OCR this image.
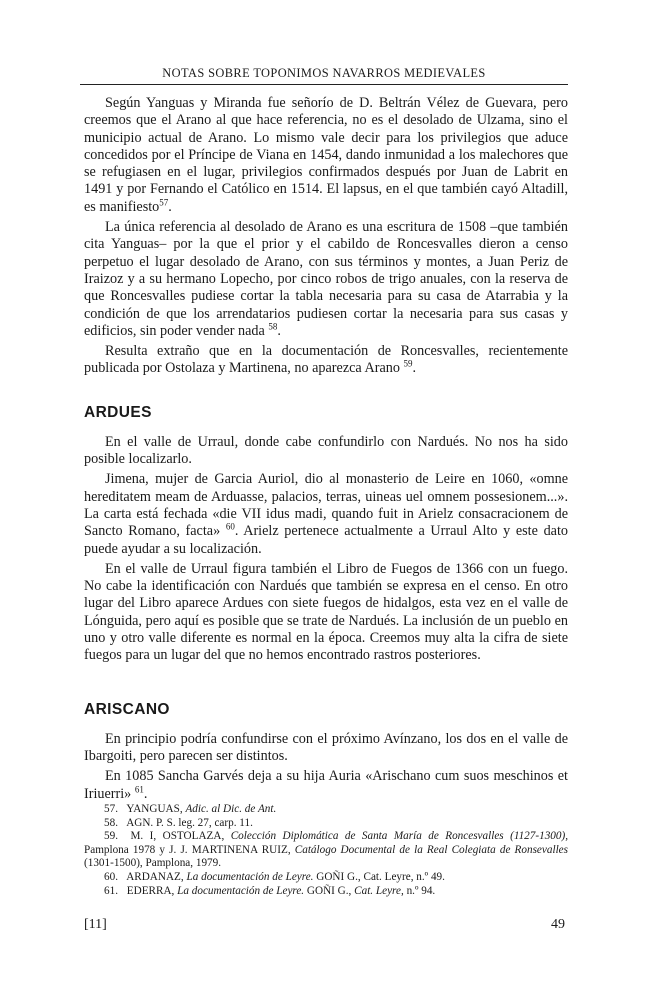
NOTAS SOBRE TOPONIMOS NAVARROS MEDIEVALES

Según Yanguas y Miranda fue señorío de D. Beltrán Vélez de Guevara, pero creemos que el Arano al que hace referencia, no es el desolado de Ulzama, sino el municipio actual de Arano. Lo mismo vale decir para los privilegios que aduce concedidos por el Príncipe de Viana en 1454, dando inmunidad a los malechores que se refugiasen en el lugar, privilegios confirmados después por Juan de Labrit en 1491 y por Fernando el Católico en 1514. El lapsus, en el que también cayó Altadill, es manifiesto$^{57}$.

La única referencia al desolado de Arano es una escritura de 1508 –que también cita Yanguas– por la que el prior y el cabildo de Roncesvalles dieron a censo perpetuo el lugar desolado de Arano, con sus términos y montes, a Juan Periz de Iraizoz y a su hermano Lopecho, por cinco robos de trigo anuales, con la reserva de que Roncesvalles pudiese cortar la tabla necesaria para su casa de Atarrabia y la condición de que los arrendatarios pudiesen cortar la necesaria para sus casas y edificios, sin poder vender nada $^{58}$.

Resulta extraño que en la documentación de Roncesvalles, recientemente publicada por Ostolaza y Martinena, no aparezca Arano $^{59}$.

ARDUES

En el valle de Urraul, donde cabe confundirlo con Nardués. No nos ha sido posible localizarlo.

Jimena, mujer de Garcia Auriol, dio al monasterio de Leire en 1060, «omne hereditatem meam de Arduasse, palacios, terras, uineas uel omnem possesionem...». La carta está fechada «die VII idus madi, quando fuit in Arielz consacracionem de Sancto Romano, facta» $^{60}$. Arielz pertenece actualmente a Urraul Alto y este dato puede ayudar a su localización.

En el valle de Urraul figura también el Libro de Fuegos de 1366 con un fuego. No cabe la identificación con Nardués que también se expresa en el censo. En otro lugar del Libro aparece Ardues con siete fuegos de hidalgos, esta vez en el valle de Lónguida, pero aquí es posible que se trate de Nardués. La inclusión de un pueblo en uno y otro valle diferente es normal en la época. Creemos muy alta la cifra de siete fuegos para un lugar del que no hemos encontrado rastros posteriores.

ARISCANO

En principio podría confundirse con el próximo Avínzano, los dos en el valle de Ibargoiti, pero parecen ser distintos.

En 1085 Sancha Garvés deja a su hija Auria «Arischano cum suos meschinos et Iriuerri» $^{61}$.

57. YANGUAS, Adic. al Dic. de Ant.

58. AGN. P. S. leg. 27, carp. 11.

59. M. I, OSTOLAZA, Colección Diplomática de Santa María de Roncesvalles (1127-1300), Pamplona 1978 y J. J. MARTINENA RUIZ, Catálogo Documental de la Real Colegiata de Ronsevalles (1301-1500), Pamplona, 1979.

60. ARDANAZ, La documentación de Leyre. GOÑI G., Cat. Leyre, n.º 49.

61. EDERRA, La documentación de Leyre. GOÑI G., Cat. Leyre, n.º 94.

[11]	49
